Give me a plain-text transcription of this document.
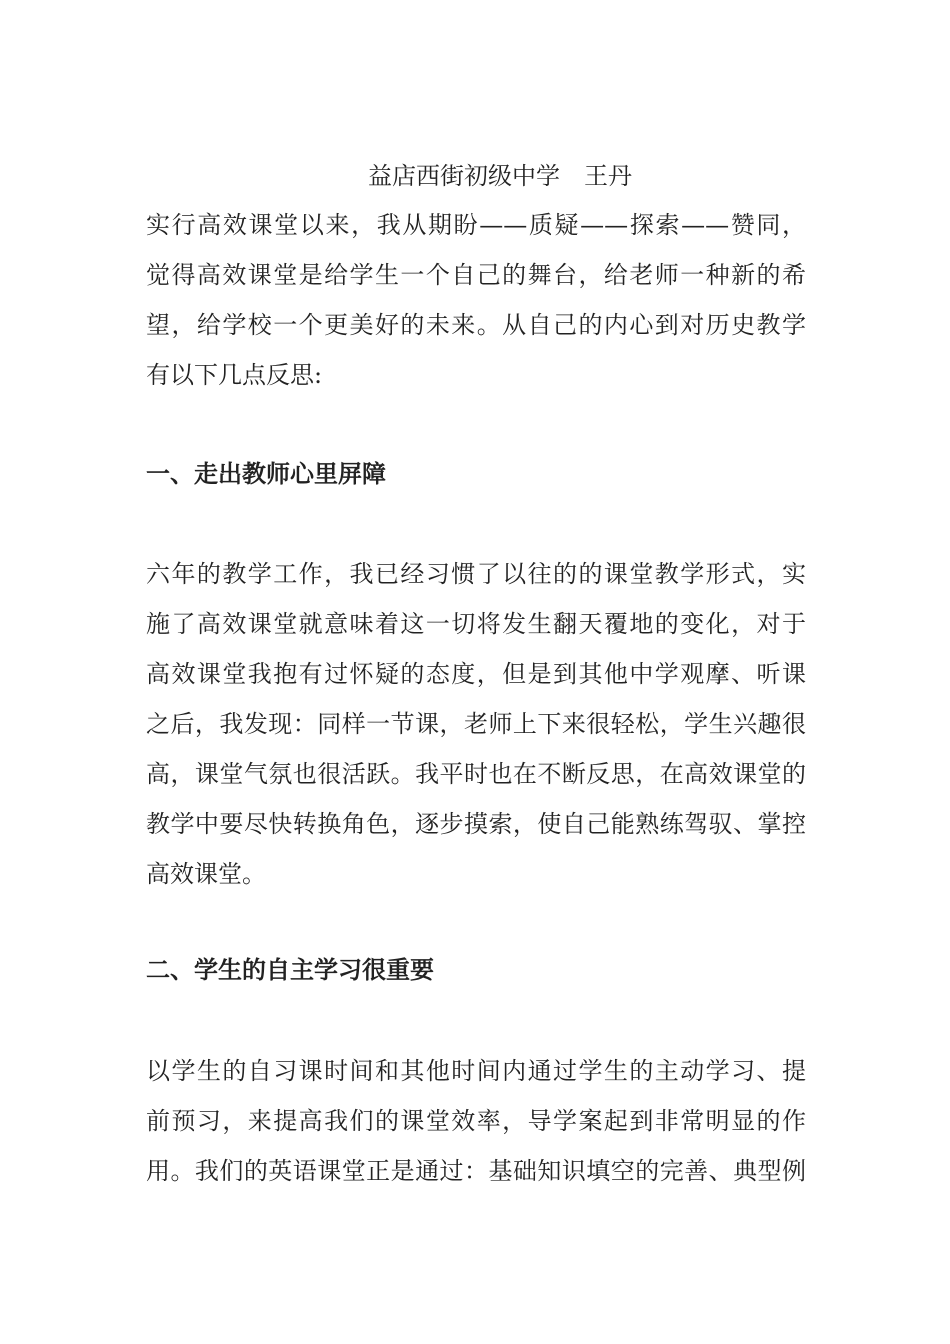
益店西街初级中学 王丹
实行高效课堂以来，我从期盼——质疑——探索——赞同，
觉得高效课堂是给学生一个自己的舞台，给老师一种新的希
望，给学校一个更美好的未来。从自己的内心到对历史教学
有以下几点反思:
一、走出教师心里屏障
六年的教学工作，我已经习惯了以往的的课堂教学形式，实
施了高效课堂就意味着这一切将发生翻天覆地的变化，对于
高效课堂我抱有过怀疑的态度，但是到其他中学观摩、听课
之后，我发现：同样一节课，老师上下来很轻松，学生兴趣很
高，课堂气氛也很活跃。我平时也在不断反思，在高效课堂的
教学中要尽快转换角色，逐步摸索，使自己能熟练驾驭、掌控
高效课堂。
二、学生的自主学习很重要
以学生的自习课时间和其他时间内通过学生的主动学习、提
前预习，来提高我们的课堂效率，导学案起到非常明显的作
用。我们的英语课堂正是通过：基础知识填空的完善、典型例
